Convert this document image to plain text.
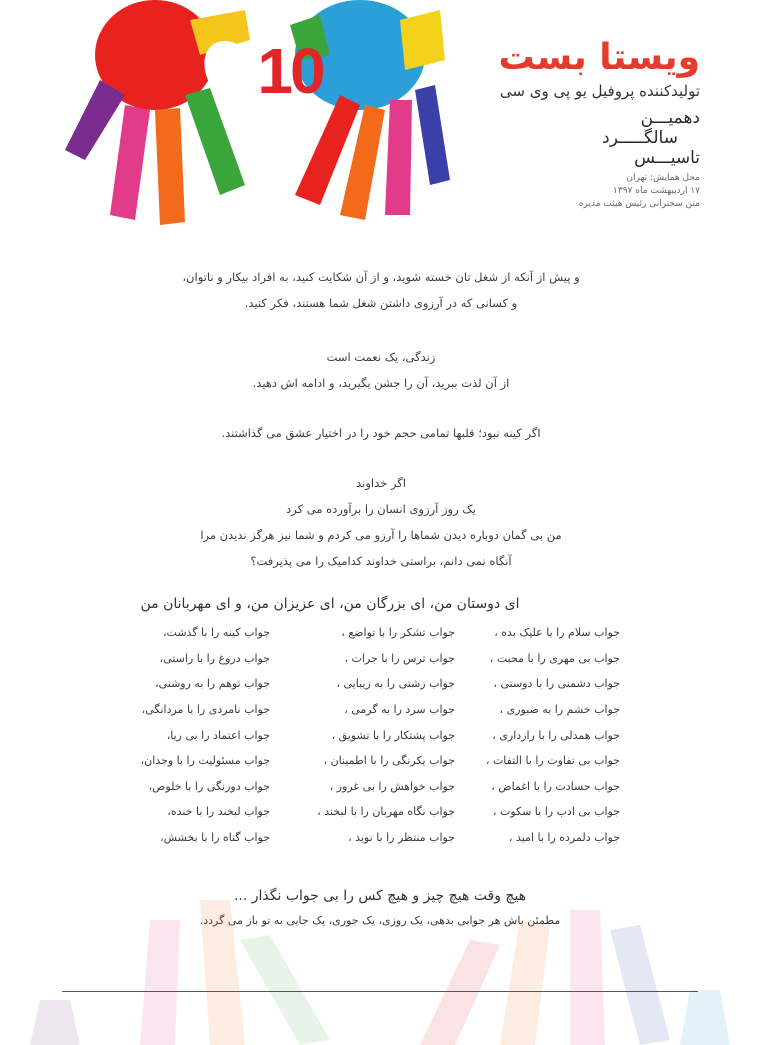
10	ویستا بست
تولیدکننده پروفیل یو پی وی سی
دهمیـــن
سالگـــــرد
تاسیـــس
محل همایش: تهران
۱۷ اردیبهشت ماه ۱۳۹۷
متن سخنرانی رئیس هیئت مدیره
و پیش از آنکه از شغل تان خسته شوید، و از آن شکایت کنید، به افراد بیکار و ناتوان،
و کسانی که در آرزوی داشتن شغل شما هستند، فکر کنید.
زندگی، یک نعمت است
از آن لذت ببرید، آن را جشن بگیرید، و ادامه اش دهید.
اگر کینه نبود؛ قلبها تمامی حجم خود را در اختیار عشق می گذاشتند.
اگر خداوند
یک روز آرزوی انسان را برآورده می کرد
من بی گمان دوباره دیدن شماها را آرزو می کردم و شما نیز هرگز ندیدن مرا
آنگاه نمی دانم، براستی خداوند کدامیک را می پذیرفت؟
ای دوستان من، ای بزرگان من، ای عزیزان من، و ای مهربانان من
جواب سلام را با علیک بده ،
جواب تشکر را با تواضع ،
جواب کینه را با گذشت،
جواب بی مهری را با محبت ،
جواب ترس را با جرات ،
جواب دروغ را با راستی،
جواب دشمنی را با دوستی ،
جواب زشتی را به زیبایی ،
جواب توهم را به روشنی،
جواب خشم را به صبوری ،
جواب سرد را به گرمی ،
جواب نامردی را با مردانگی،
جواب همدلی را با رازداری ،
جواب پشتکار را با تشویق ،
جواب اعتماد را بی ریا،
جواب بی تفاوت را با التفات ،
جواب یکرنگی را با اطمینان ،
جواب مسئولیت را با وجدان،
جواب حسادت را با اغماض ،
جواب خواهش را بی غرور ،
جواب دورنگی را با خلوص،
جواب بی ادب را با سکوت ،
جواب نگاه مهربان را با لبخند ،
جواب لبخند را با خنده،
جواب دلمرده را با امید ،
جواب منتظر را با نوید ،
جواب گناه را با بخشش،
هیچ وقت هیچ چیز و هیچ کس را بی جواب نگذار ...
مطمئن باش هر جوابی بدهی، یک روزی، یک جوری، یک جایی به تو باز می گردد.
